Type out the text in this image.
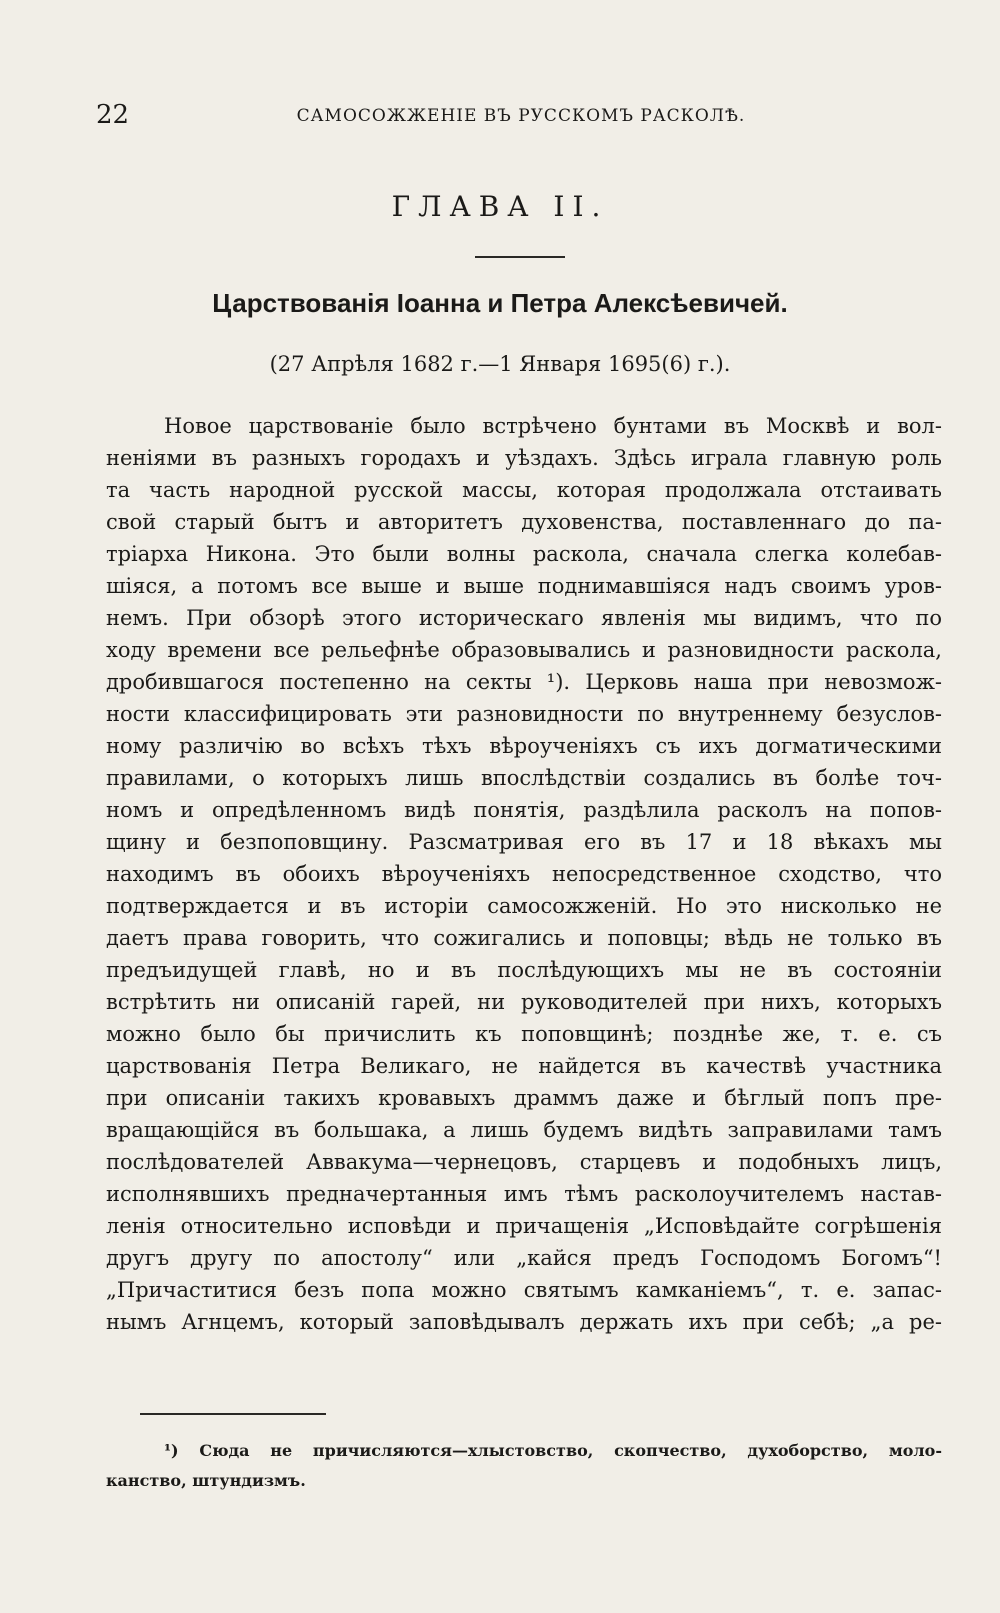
22	САМОСОЖЖЕНІЕ ВЪ РУССКОМЪ РАСКОЛѢ.
ГЛАВА II.
Царствованія Іоанна и Петра Алексѣевичей.
(27 Апрѣля 1682 г.—1 Января 1695(6) г.).
Новое царствованіе было встрѣчено бунтами въ Москвѣ и вол-
неніями въ разныхъ городахъ и уѣздахъ. Здѣсь играла главную роль
та часть народной русской массы, которая продолжала отстаивать
свой старый бытъ и авторитетъ духовенства, поставленнаго до па-
тріарха Никона. Это были волны раскола, сначала слегка колебав-
шіяся, а потомъ все выше и выше поднимавшіяся надъ своимъ уров-
немъ. При обзорѣ этого историческаго явленія мы видимъ, что по
ходу времени все рельефнѣе образовывались и разновидности раскола,
дробившагося постепенно на секты ¹). Церковь наша при невозмож-
ности классифицировать эти разновидности по внутреннему безуслов-
ному различію во всѣхъ тѣхъ вѣроученіяхъ съ ихъ догматическими
правилами, о которыхъ лишь впослѣдствіи создались въ болѣе точ-
номъ и опредѣленномъ видѣ понятія, раздѣлила расколъ на попов-
щину и безпоповщину. Разсматривая его въ 17 и 18 вѣкахъ мы
находимъ въ обоихъ вѣроученіяхъ непосредственное сходство, что
подтверждается и въ исторіи самосожженій. Но это нисколько не
даетъ права говорить, что сожигались и поповцы; вѣдь не только въ
предъидущей главѣ, но и въ послѣдующихъ мы не въ состояніи
встрѣтить ни описаній гарей, ни руководителей при нихъ, которыхъ
можно было бы причислить къ поповщинѣ; позднѣе же, т. е. съ
царствованія Петра Великаго, не найдется въ качествѣ участника
при описаніи такихъ кровавыхъ драммъ даже и бѣглый попъ пре-
вращающійся въ большака, а лишь будемъ видѣть заправилами тамъ
послѣдователей Аввакума—чернецовъ, старцевъ и подобныхъ лицъ,
исполнявшихъ предначертанныя имъ тѣмъ расколоучителемъ настав-
ленія относительно исповѣди и причащенія „Исповѣдайте согрѣшенія
другъ другу по апостолу“ или „кайся предъ Господомъ Богомъ“!
„Причаститися безъ попа можно святымъ камканіемъ“, т. е. запас-
нымъ Агнцемъ, который заповѣдывалъ держать ихъ при себѣ; „а ре-
¹) Сюда не причисляются—хлыстовство, скопчество, духоборство, моло-
канство, штундизмъ.
